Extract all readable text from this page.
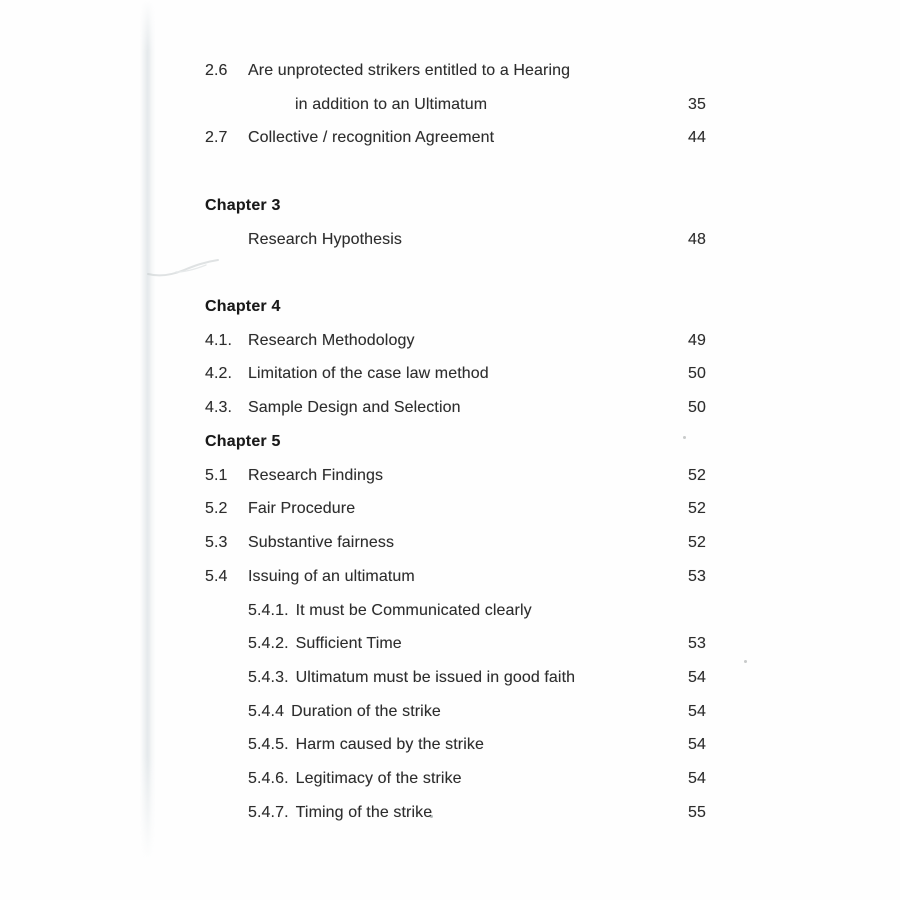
2.6	Are unprotected strikers entitled to a Hearing
in addition to an Ultimatum	35
2.7	Collective / recognition Agreement	44
Chapter 3
Research Hypothesis	48
Chapter 4
4.1. Research Methodology	49
4.2. Limitation of the case law method	50
4.3. Sample Design and Selection	50
Chapter 5
5.1	Research Findings	52
5.2	Fair Procedure	52
5.3	Substantive fairness	52
5.4	Issuing of an ultimatum	53
5.4.1. It must be Communicated clearly
5.4.2. Sufficient Time	53
5.4.3. Ultimatum must be issued in good faith	54
5.4.4 Duration of the strike	54
5.4.5. Harm caused by the strike	54
5.4.6. Legitimacy of the strike	54
5.4.7. Timing of the strike	55
